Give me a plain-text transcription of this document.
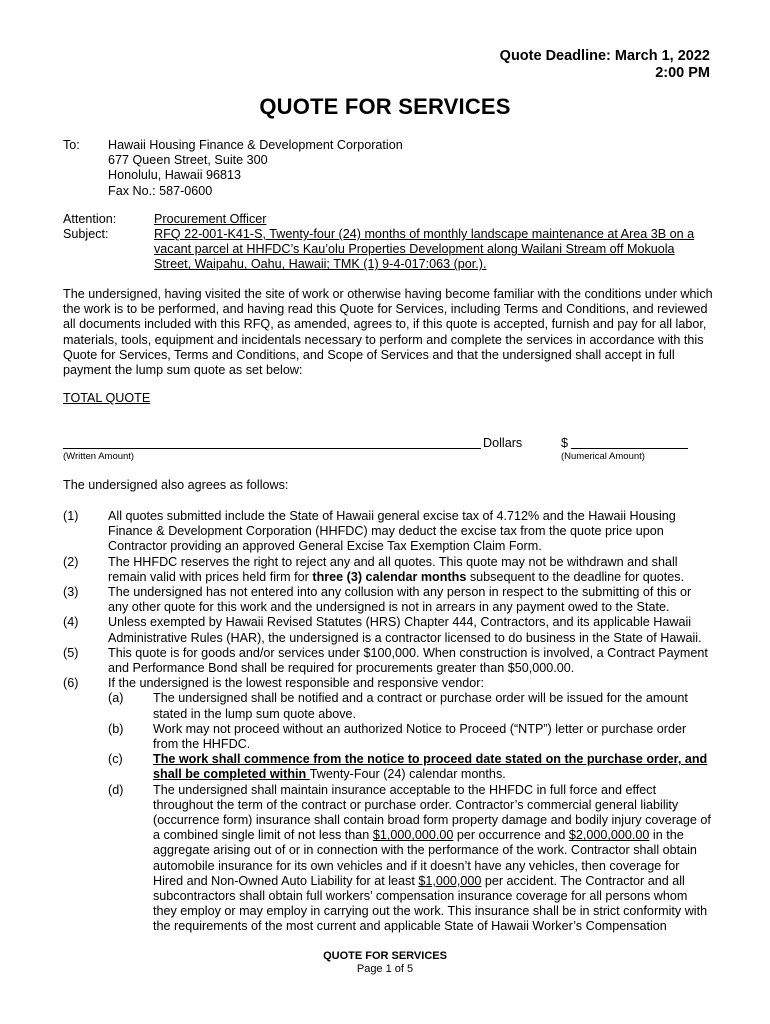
Quote Deadline: March 1, 2022
2:00 PM
QUOTE FOR SERVICES
To: Hawaii Housing Finance & Development Corporation
677 Queen Street, Suite 300
Honolulu, Hawaii 96813
Fax No.: 587-0600
Attention:	Procurement Officer
Subject:	RFQ 22-001-K41-S, Twenty-four (24) months of monthly landscape maintenance at Area 3B on a vacant parcel at HHFDC’s Kau’olu Properties Development along Wailani Stream off Mokuola Street, Waipahu, Oahu, Hawaii; TMK (1) 9-4-017:063 (por.).
The undersigned, having visited the site of work or otherwise having become familiar with the conditions under which the work is to be performed, and having read this Quote for Services, including Terms and Conditions, and reviewed all documents included with this RFQ, as amended, agrees to, if this quote is accepted, furnish and pay for all labor, materials, tools, equipment and incidentals necessary to perform and complete the services in accordance with this Quote for Services, Terms and Conditions, and Scope of Services and that the undersigned shall accept in full payment the lump sum quote as set below:
TOTAL QUOTE
Dollars	$
(Written Amount)	(Numerical Amount)
The undersigned also agrees as follows:
(1) All quotes submitted include the State of Hawaii general excise tax of 4.712% and the Hawaii Housing Finance & Development Corporation (HHFDC) may deduct the excise tax from the quote price upon Contractor providing an approved General Excise Tax Exemption Claim Form.
(2) The HHFDC reserves the right to reject any and all quotes. This quote may not be withdrawn and shall remain valid with prices held firm for three (3) calendar months subsequent to the deadline for quotes.
(3) The undersigned has not entered into any collusion with any person in respect to the submitting of this or any other quote for this work and the undersigned is not in arrears in any payment owed to the State.
(4) Unless exempted by Hawaii Revised Statutes (HRS) Chapter 444, Contractors, and its applicable Hawaii Administrative Rules (HAR), the undersigned is a contractor licensed to do business in the State of Hawaii.
(5) This quote is for goods and/or services under $100,000. When construction is involved, a Contract Payment and Performance Bond shall be required for procurements greater than $50,000.00.
(6) If the undersigned is the lowest responsible and responsive vendor:
(a) The undersigned shall be notified and a contract or purchase order will be issued for the amount stated in the lump sum quote above.
(b) Work may not proceed without an authorized Notice to Proceed (“NTP”) letter or purchase order from the HHFDC.
(c) The work shall commence from the notice to proceed date stated on the purchase order, and shall be completed within Twenty-Four (24) calendar months.
(d) The undersigned shall maintain insurance acceptable to the HHFDC in full force and effect throughout the term of the contract or purchase order. Contractor’s commercial general liability (occurrence form) insurance shall contain broad form property damage and bodily injury coverage of a combined single limit of not less than $1,000,000.00 per occurrence and $2,000,000.00 in the aggregate arising out of or in connection with the performance of the work. Contractor shall obtain automobile insurance for its own vehicles and if it doesn’t have any vehicles, then coverage for Hired and Non-Owned Auto Liability for at least $1,000,000 per accident. The Contractor and all subcontractors shall obtain full workers’ compensation insurance coverage for all persons whom they employ or may employ in carrying out the work. This insurance shall be in strict conformity with the requirements of the most current and applicable State of Hawaii Worker’s Compensation
QUOTE FOR SERVICES
Page 1 of 5
